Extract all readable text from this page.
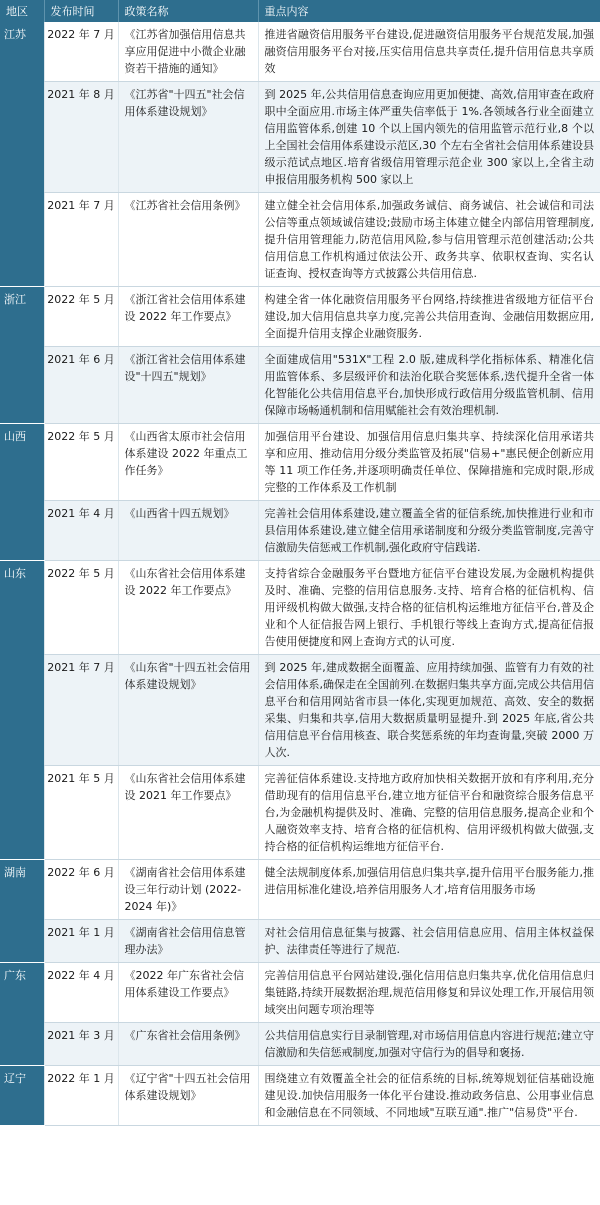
地区	发布时间	政策名称	重点内容
江苏	2022 年 7 月	《江苏省加强信用信息共享应用促进中小微企业融资若干措施的通知》	推进省融资信用服务平台建设,促进融资信用服务平台规范发展,加强融资信用服务平台对接,压实信用信息共享责任,提升信用信息共享质效
	2021 年 8 月	《江苏省"十四五"社会信用体系建设规划》	到 2025 年,公共信用信息查询应用更加便捷、高效,信用审查在政府职中全面应用.市场主体严重失信率低于 1%.各领域各行业全面建立信用监管体系,创建 10 个以上国内领先的信用监管示范行业,8 个以上全国社会信用体系建设示范区,30 个左右全省社会信用体系建设县级示范试点地区.培育省级信用管理示范企业 300 家以上,全省主动申报信用服务机构 500 家以上
	2021 年 7 月	《江苏省社会信用条例》	建立健全社会信用体系,加强政务诚信、商务诚信、社会诚信和司法公信等重点领域诚信建设;鼓励市场主体建立健全内部信用管理制度,提升信用管理能力,防范信用风险,参与信用管理示范创建活动;公共信用信息工作机构通过依法公开、政务共享、依职权查询、实名认证查询、授权查询等方式披露公共信用信息.
浙江	2022 年 5 月	《浙江省社会信用体系建设 2022 年工作要点》	构建全省一体化融资信用服务平台网络,持续推进省级地方征信平台建设,加大信用信息共享力度,完善公共信用查询、金融信用数据应用,全面提升信用支撑企业融资服务.
	2021 年 6 月	《浙江省社会信用体系建设"十四五"规划》	全面建成信用"531X"工程 2.0 版,建成科学化指标体系、精准化信用监管体系、多层级评价和法治化联合奖惩体系,迭代提升全省一体化智能化公共信用信息平台,加快形成行政信用分级监管机制、信用保障市场畅通机制和信用赋能社会有效治理机制.
山西	2022 年 5 月	《山西省太原市社会信用体系建设 2022 年重点工作任务》	加强信用平台建设、加强信用信息归集共享、持续深化信用承诺共享和应用、推动信用分级分类监管及拓展"信易+"惠民便企创新应用等 11 项工作任务,并逐项明确责任单位、保障措施和完成时限,形成完整的工作体系及工作机制
	2021 年 4 月	《山西省十四五规划》	完善社会信用体系建设,建立覆盖全省的征信系统,加快推进行业和市县信用体系建设,建立健全信用承诺制度和分级分类监管制度,完善守信激励失信惩戒工作机制,强化政府守信践诺.
山东	2022 年 5 月	《山东省社会信用体系建设 2022 年工作要点》	支持省综合金融服务平台暨地方征信平台建设发展,为金融机构提供及时、准确、完整的信用信息服务.支持、培育合格的征信机构、信用评级机构做大做强,支持合格的征信机构运维地方征信平台,普及企业和个人征信报告网上银行、手机银行等线上查询方式,提高征信报告使用便捷度和网上查询方式的认可度.
	2021 年 7 月	《山东省"十四五社会信用体系建设规划》	到 2025 年,建成数据全面覆盖、应用持续加强、监管有力有效的社会信用体系,确保走在全国前列.在数据归集共享方面,完成公共信用信息平台和信用网站省市县一体化,实现更加规范、高效、安全的数据采集、归集和共享,信用大数据质量明显提升.到 2025 年底,省公共信用信息平台信用核查、联合奖惩系统的年均查询量,突破 2000 万人次.
	2021 年 5 月	《山东省社会信用体系建设 2021 年工作要点》	完善征信体系建设.支持地方政府加快相关数据开放和有序利用,充分借助现有的信用信息平台,建立地方征信平台和融资综合服务信息平台,为金融机构提供及时、准确、完整的信用信息服务,提高企业和个人融资效率支持、培育合格的征信机构、信用评级机构做大做强,支持合格的征信机构运维地方征信平台.
湖南	2022 年 6 月	《湖南省社会信用体系建设三年行动计划 (2022-2024 年)》	健全法规制度体系,加强信用信息归集共享,提升信用平台服务能力,推进信用标准化建设,培养信用服务人才,培育信用服务市场
	2021 年 1 月	《湖南省社会信用信息管理办法》	对社会信用信息征集与披露、社会信用信息应用、信用主体权益保护、法律责任等进行了规范.
广东	2022 年 4 月	《2022 年广东省社会信用体系建设工作要点》	完善信用信息平台网站建设,强化信用信息归集共享,优化信用信息归集链路,持续开展数据治理,规范信用修复和异议处理工作,开展信用领域突出问题专项治理等
	2021 年 3 月	《广东省社会信用条例》	公共信用信息实行目录制管理,对市场信用信息内容进行规范;建立守信激励和失信惩戒制度,加强对守信行为的倡导和褒扬.
辽宁	2022 年 1 月	《辽宁省"十四五社会信用体系建设规划》	围绕建立有效覆盖全社会的征信系统的目标,统筹规划征信基础设施建见设.加快信用服务一体化平台建设.推动政务信息、公用事业信息和金融信息在不同领域、不同地域"互联互通".推广"信易贷"平台.
